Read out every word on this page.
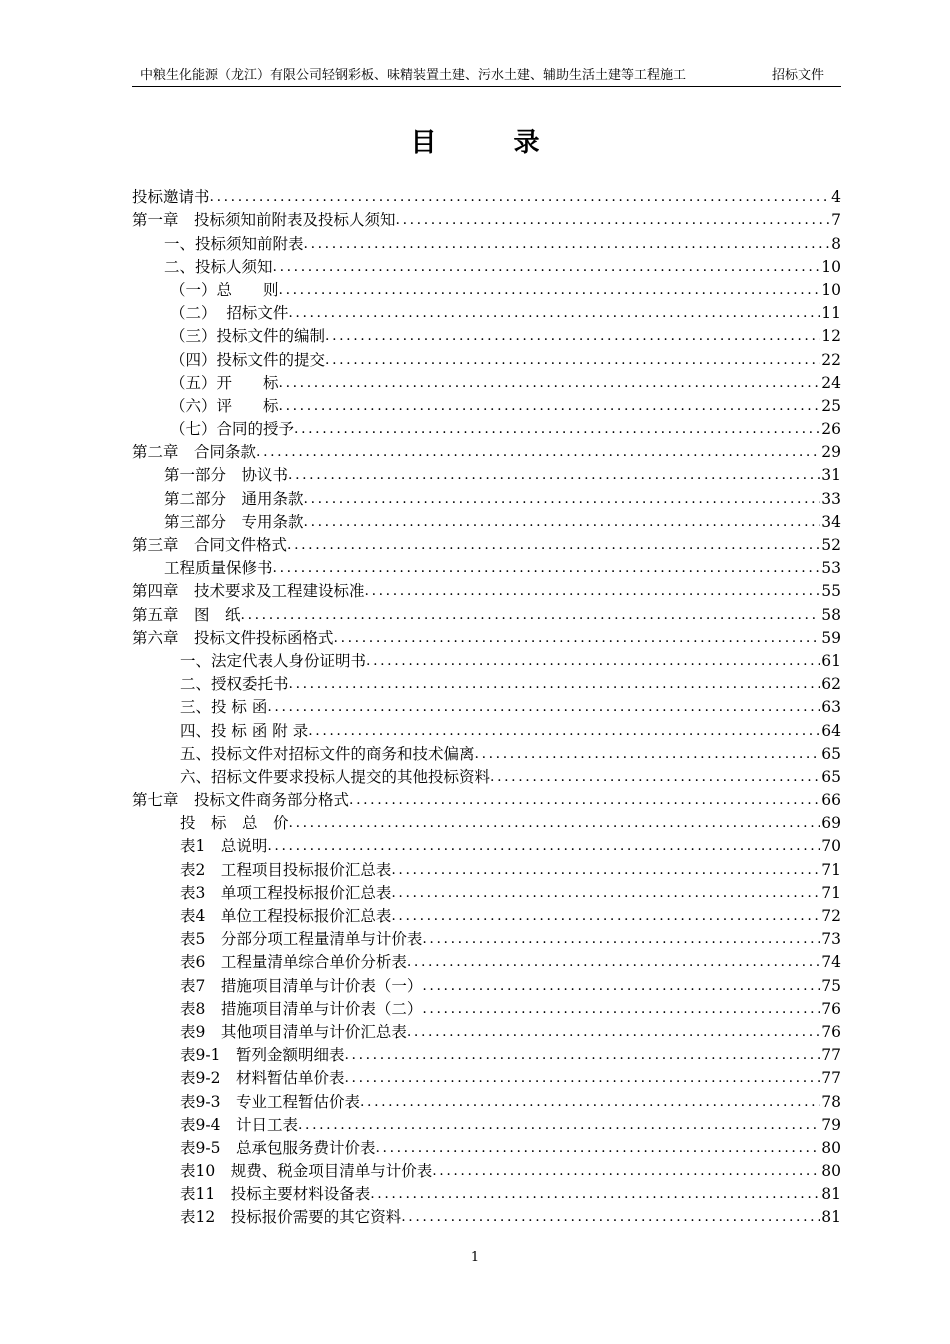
中粮生化能源（龙江）有限公司轻钢彩板、味精装置土建、污水土建、辅助生活土建等工程施工	招标文件
目 录
投标邀请书 .....	4
第一章　投标须知前附表及投标人须知 .....	7
一、投标须知前附表 .....	8
二、投标人须知 .....	10
（一）总　　则 .....	10
（二）  招标文件 .....	11
（三）投标文件的编制 .....	12
（四）投标文件的提交 .....	22
（五）开　　标 .....	24
（六）评　　标 .....	25
（七）合同的授予 .....	26
第二章　合同条款 .....	29
第一部分　协议书 .....	31
第二部分　通用条款 .....	33
第三部分　专用条款 .....	34
第三章　合同文件格式 .....	52
工程质量保修书 .....	53
第四章　技术要求及工程建设标准 .....	55
第五章　图　纸 .....	58
第六章　投标文件投标函格式 .....	59
一、法定代表人身份证明书 .....	61
二、授权委托书 .....	62
三、投 标 函 .....	63
四、投 标 函 附 录 .....	64
五、投标文件对招标文件的商务和技术偏离 .....	65
六、招标文件要求投标人提交的其他投标资料 .....	65
第七章　投标文件商务部分格式 .....	66
投　标　总　价 .....	69
表1　总说明 .....	70
表2　工程项目投标报价汇总表 .....	71
表3　单项工程投标报价汇总表 .....	71
表4　单位工程投标报价汇总表 .....	72
表5　分部分项工程量清单与计价表 .....	73
表6　工程量清单综合单价分析表 .....	74
表7　措施项目清单与计价表（一） .....	75
表8　措施项目清单与计价表（二） .....	76
表9　其他项目清单与计价汇总表 .....	76
表9-1　暂列金额明细表 .....	77
表9-2　材料暂估单价表 .....	77
表9-3　专业工程暂估价表 .....	78
表9-4　计日工表 .....	79
表9-5　总承包服务费计价表 .....	80
表10　规费、税金项目清单与计价表 .....	80
表11　投标主要材料设备表 .....	81
表12　投标报价需要的其它资料 .....	81
1
